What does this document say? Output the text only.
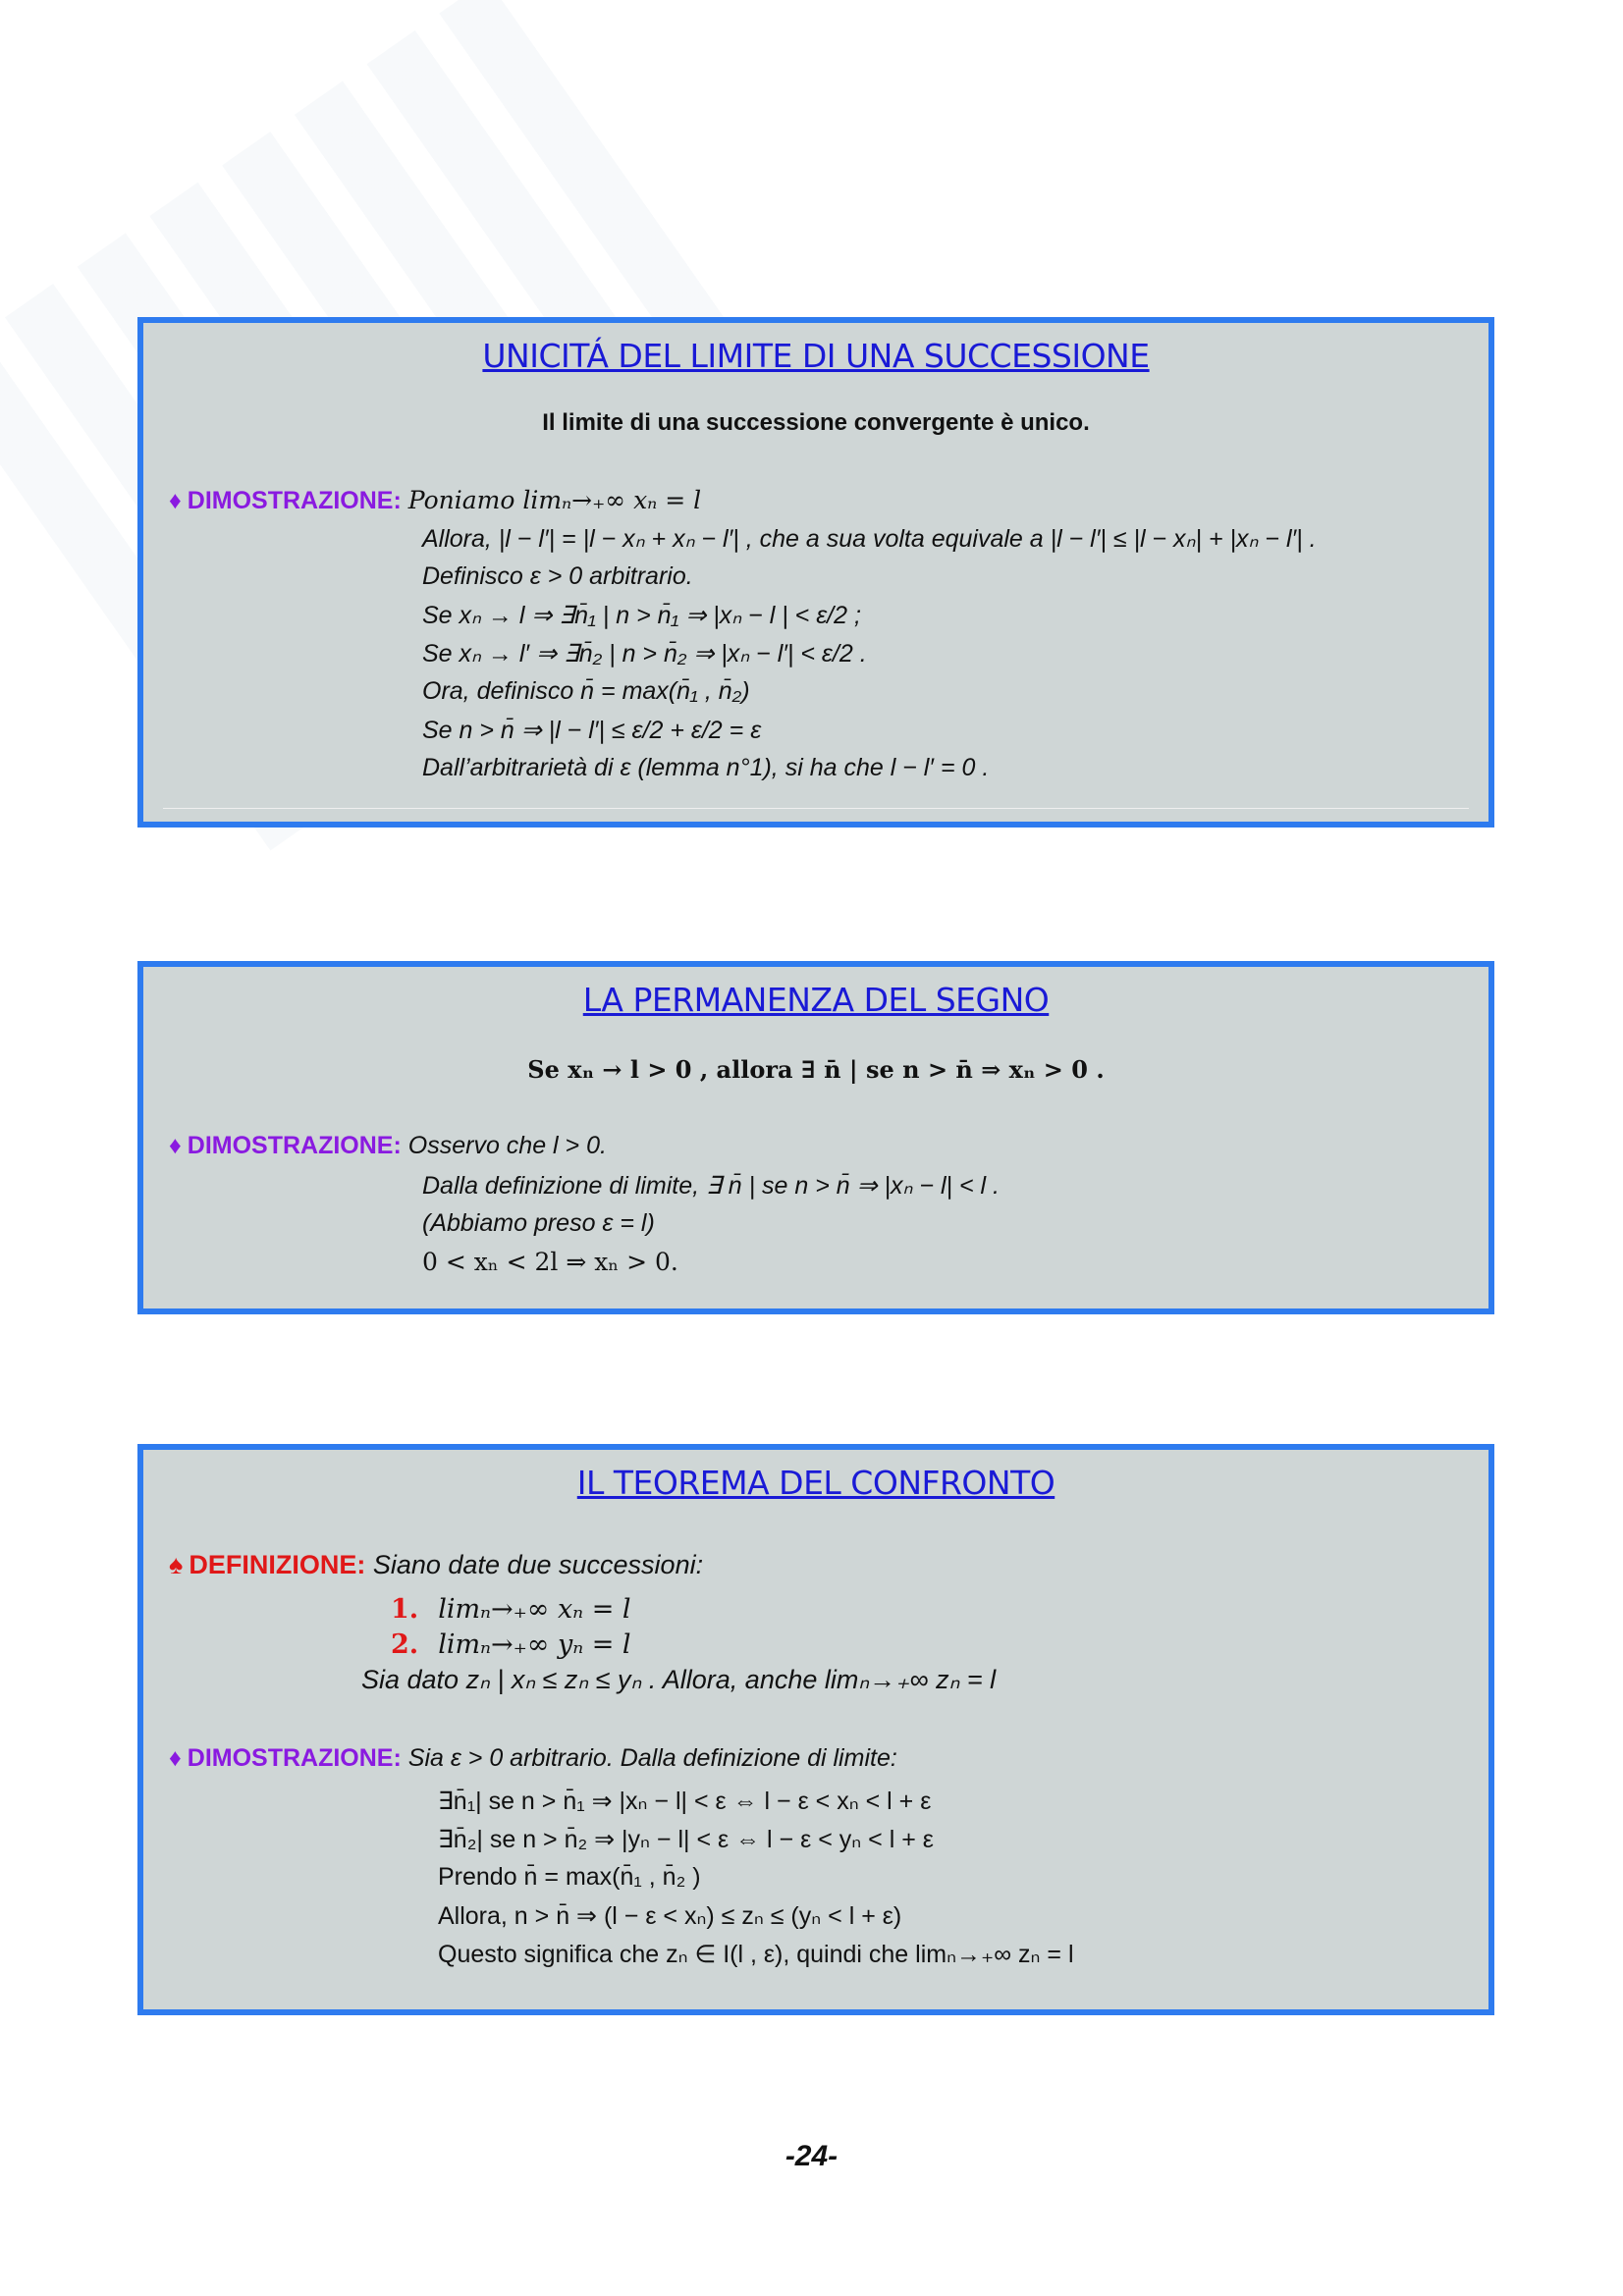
UNICITÁ DEL LIMITE DI UNA SUCCESSIONE
Il limite di una successione convergente è unico.
♦ DIMOSTRAZIONE: Poniamo limₙ→₊∞ xₙ = l
Allora, |l − l′| = |l − xₙ + xₙ − l′| , che a sua volta equivale a |l − l′| ≤ |l − xₙ| + |xₙ − l′| .
Definisco ε > 0 arbitrario.
Se xₙ → l ⇒ ∃n̄₁ | n > n̄₁ ⇒ |xₙ − l | < ε/2 ;
Se xₙ → l′ ⇒ ∃n̄₂ | n > n̄₂ ⇒ |xₙ − l′| < ε/2 .
Ora, definisco n̄ = max(n̄₁ , n̄₂)
Se n > n̄ ⇒ |l − l′| ≤ ε/2 + ε/2 = ε
Dall’arbitrarietà di ε (lemma n°1), si ha che l − l′ = 0 .
LA PERMANENZA DEL SEGNO
Se xₙ → l > 0 , allora ∃ n̄ | se n > n̄ ⇒ xₙ > 0 .
♦ DIMOSTRAZIONE: Osservo che l > 0.
Dalla definizione di limite, ∃ n̄ | se n > n̄ ⇒ |xₙ − l| < l .
(Abbiamo preso ε = l)
0 < xₙ < 2l ⇒ xₙ > 0.
IL TEOREMA DEL CONFRONTO
♠ DEFINIZIONE: Siano date due successioni:
1. limₙ→₊∞ xₙ = l
2. limₙ→₊∞ yₙ = l
Sia dato zₙ | xₙ ≤ zₙ ≤ yₙ . Allora, anche limₙ→₊∞ zₙ = l
♦ DIMOSTRAZIONE: Sia ε > 0 arbitrario. Dalla definizione di limite:
∃n̄₁| se n > n̄₁ ⇒ |xₙ − l| < ε ⇔ l − ε < xₙ < l + ε
∃n̄₂| se n > n̄₂ ⇒ |yₙ − l| < ε ⇔ l − ε < yₙ < l + ε
Prendo n̄ = max(n̄₁ , n̄₂ )
Allora, n > n̄ ⇒ (l − ε < xₙ) ≤ zₙ ≤ (yₙ < l + ε)
Questo significa che zₙ ∈ I(l , ε), quindi che limₙ→₊∞ zₙ = l
-24-
